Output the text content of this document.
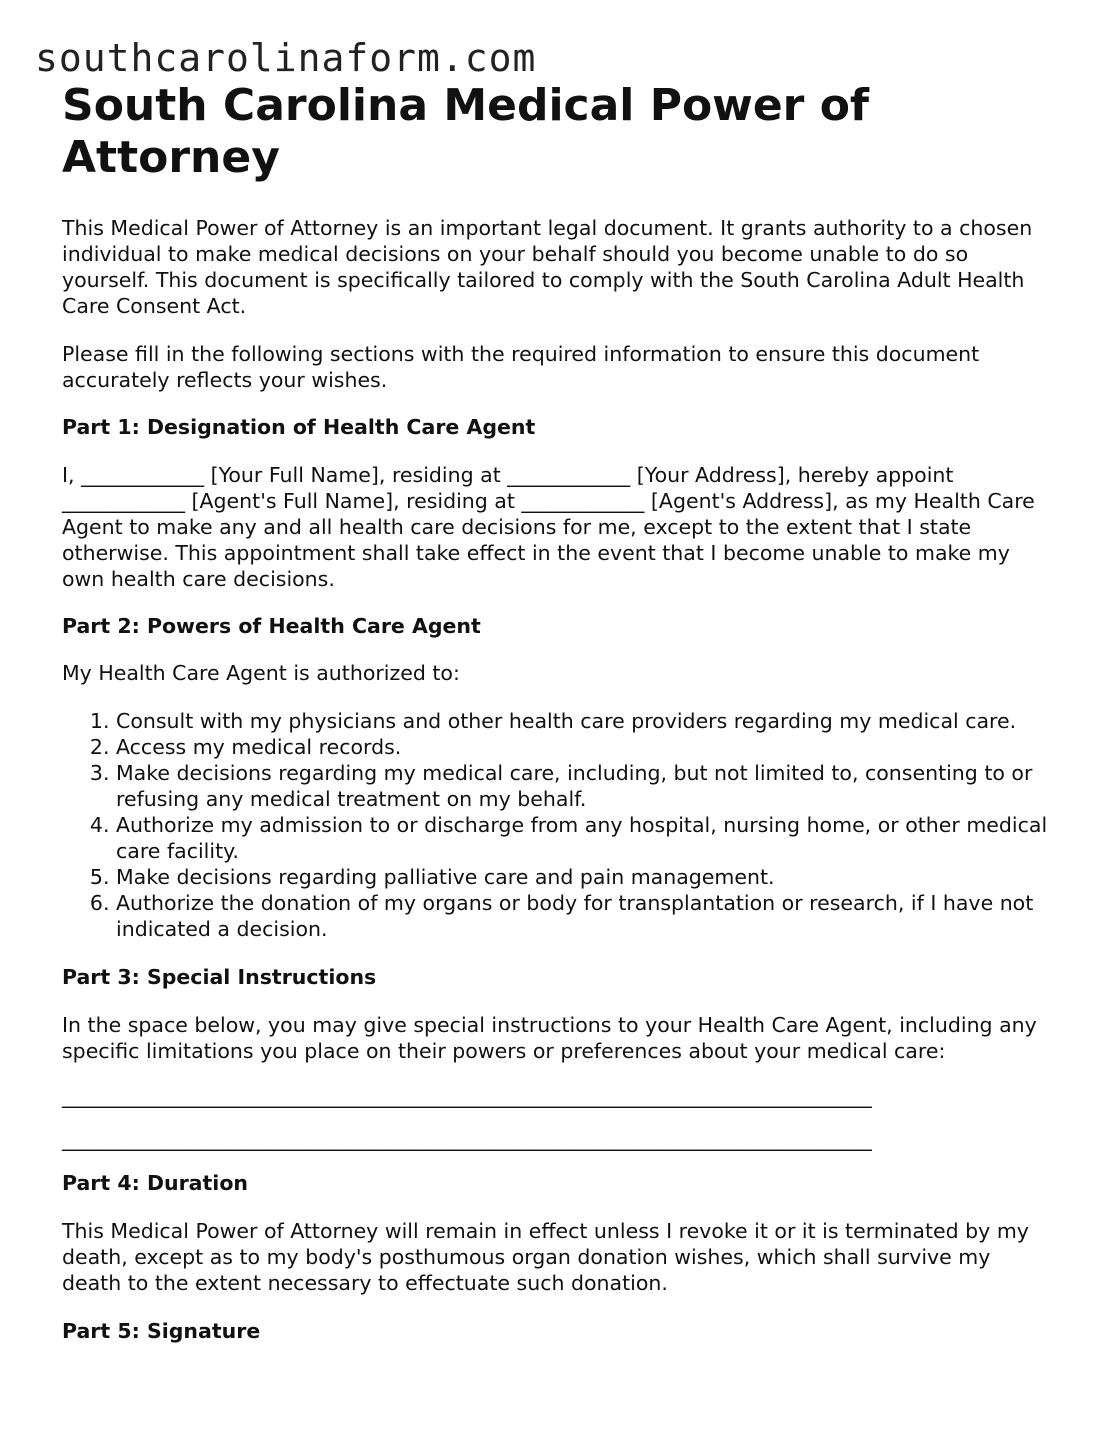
southcarolinaform.com
South Carolina Medical Power of Attorney

This Medical Power of Attorney is an important legal document. It grants authority to a chosen individual to make medical decisions on your behalf should you become unable to do so yourself. This document is specifically tailored to comply with the South Carolina Adult Health Care Consent Act.

Please fill in the following sections with the required information to ensure this document accurately reflects your wishes.

Part 1: Designation of Health Care Agent

I, ____________ [Your Full Name], residing at ____________ [Your Address], hereby appoint ____________ [Agent's Full Name], residing at ____________ [Agent's Address], as my Health Care Agent to make any and all health care decisions for me, except to the extent that I state otherwise. This appointment shall take effect in the event that I become unable to make my own health care decisions.

Part 2: Powers of Health Care Agent

My Health Care Agent is authorized to:

1. Consult with my physicians and other health care providers regarding my medical care.
2. Access my medical records.
3. Make decisions regarding my medical care, including, but not limited to, consenting to or refusing any medical treatment on my behalf.
4. Authorize my admission to or discharge from any hospital, nursing home, or other medical care facility.
5. Make decisions regarding palliative care and pain management.
6. Authorize the donation of my organs or body for transplantation or research, if I have not indicated a decision.
Part 3: Special Instructions

In the space below, you may give special instructions to your Health Care Agent, including any specific limitations you place on their powers or preferences about your medical care:

_______________________________________________________________________________
_______________________________________________________________________________
Part 4: Duration

This Medical Power of Attorney will remain in effect unless I revoke it or it is terminated by my death, except as to my body's posthumous organ donation wishes, which shall survive my death to the extent necessary to effectuate such donation.

Part 5: Signature
